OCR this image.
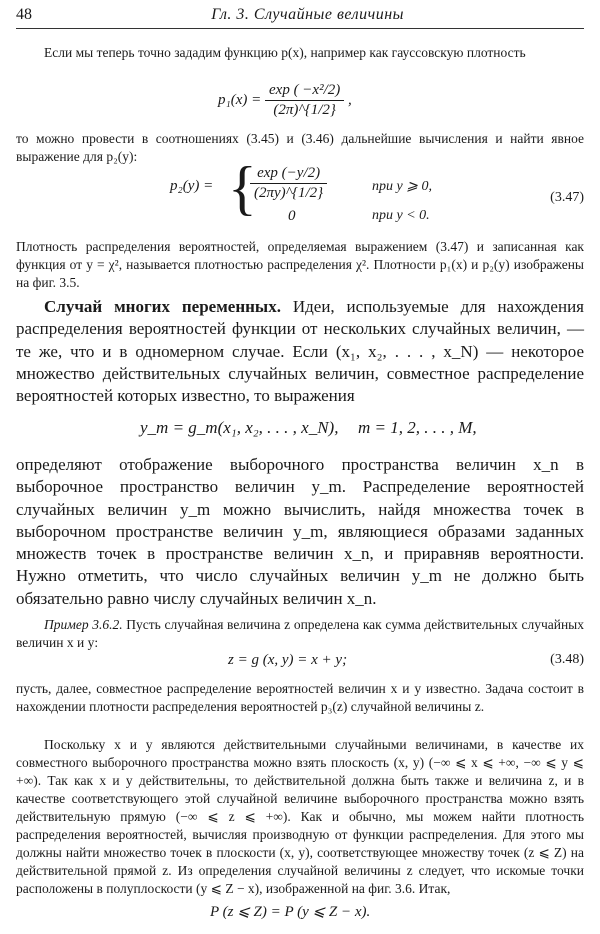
48	Гл. 3. Случайные величины
Если мы теперь точно зададим функцию p(x), например как гауссовскую плотность
$p_1(x) = \frac{\text{exp ( −x²/2)}}{(2\pi)\^{}\{1/2\}}$ ,
то можно провести в соотношениях (3.45) и (3.46) дальнейшие вычисления и найти явное выражение для p₂(y):
p₂(y) = {
$\frac{\exp (-y/2)}{(2\pi y)\^{}\{1/2\}}$	при y ⩾ 0,
0	при y < 0.
(3.47)
Плотность распределения вероятностей, определяемая выражением (3.47) и записанная как функция от y = χ², называется плотностью распределения χ². Плотности p₁(x) и p₂(y) изображены на фиг. 3.5.
Случай многих переменных. Идеи, используемые для нахождения распределения вероятностей функции от нескольких случайных величин, — те же, что и в одномерном случае. Если (x₁, x₂, . . . , x_N) — некоторое множество действительных случайных величин, совместное распределение вероятностей которых известно, то выражения
y_m = g_m(x₁, x₂, . . . , x_N), m = 1, 2, . . . , M,
определяют отображение выборочного пространства величин x_n в выборочное пространство величин y_m. Распределение вероятностей случайных величин y_m можно вычислить, найдя множества точек в выборочном пространстве величин y_m, являющиеся образами заданных множеств точек в пространстве величин x_n, и приравняв вероятности. Нужно отметить, что число случайных величин y_m не должно быть обязательно равно числу случайных величин x_n.
Пример 3.6.2. Пусть случайная величина z определена как сумма действительных случайных величин x и y:
z = g (x, y) = x + y;	(3.48)
пусть, далее, совместное распределение вероятностей величин x и y известно. Задача состоит в нахождении плотности распределения вероятностей p₃(z) случайной величины z.
Поскольку x и y являются действительными случайными величинами, в качестве их совместного выборочного пространства можно взять плоскость (x, y) (−∞ ⩽ x ⩽ +∞, −∞ ⩽ y ⩽ +∞). Так как x и y действительны, то действительной должна быть также и величина z, и в качестве соответствующего этой случайной величине выборочного пространства можно взять действительную прямую (−∞ ⩽ z ⩽ +∞). Как и обычно, мы можем найти плотность распределения вероятностей, вычисляя производную от функции распределения. Для этого мы должны найти множество точек в плоскости (x, y), соответствующее множеству точек (z ⩽ Z) на действительной прямой z. Из определения случайной величины z следует, что искомые точки расположены в полуплоскости (y ⩽ Z − x), изображенной на фиг. 3.6. Итак,
P (z ⩽ Z) = P (y ⩽ Z − x).
